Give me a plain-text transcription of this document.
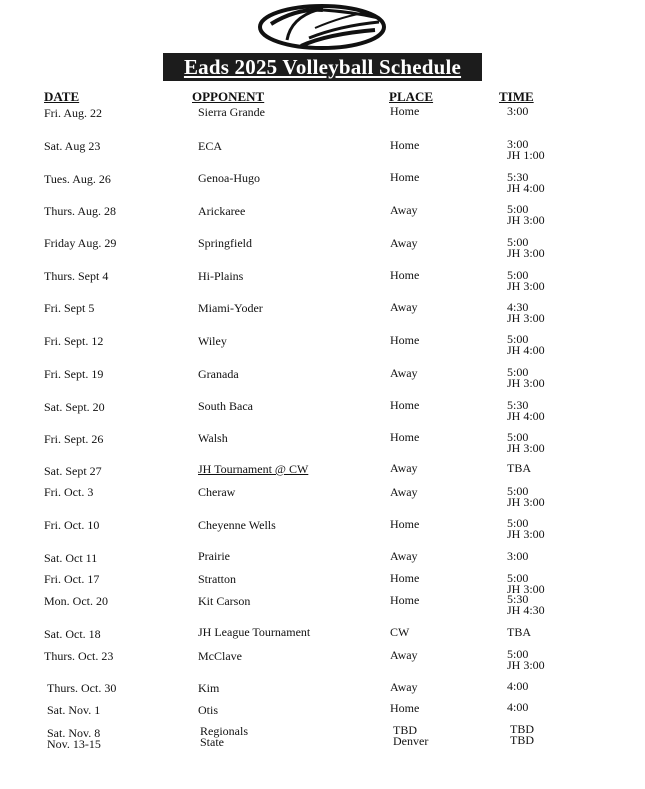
Eads 2025 Volleyball Schedule
DATE	OPPONENT	PLACE	TIME
Fri. Aug. 22	Sierra Grande	Home	3:00
Sat. Aug 23	ECA	Home	3:00
JH 1:00
Tues. Aug. 26	Genoa-Hugo	Home	5:30
JH 4:00
Thurs. Aug. 28	Arickaree	Away	5:00
JH 3:00
Friday Aug. 29	Springfield	Away	5:00
JH 3:00
Thurs. Sept 4	Hi-Plains	Home	5:00
JH 3:00
Fri. Sept 5	Miami-Yoder	Away	4:30
JH 3:00
Fri. Sept. 12	Wiley	Home	5:00
JH 4:00
Fri. Sept. 19	Granada	Away	5:00
JH 3:00
Sat. Sept. 20	South Baca	Home	5:30
JH 4:00
Fri. Sept. 26	Walsh	Home	5:00
JH 3:00
Sat. Sept 27	JH Tournament @ CW	Away	TBA
Fri. Oct. 3	Cheraw	Away	5:00
JH 3:00
Fri. Oct. 10	Cheyenne Wells	Home	5:00
JH 3:00
Sat. Oct 11	Prairie	Away	3:00
Fri. Oct. 17	Stratton	Home	5:00
JH 3:00
Mon. Oct. 20	Kit Carson	Home	5:30
JH 4:30
Sat. Oct. 18	JH League Tournament	CW	TBA
Thurs. Oct. 23	McClave	Away	5:00
JH 3:00
Thurs. Oct. 30	Kim	Away	4:00
Sat. Nov. 1	Otis	Home	4:00
Sat. Nov. 8	Regionals	TBD	TBD
Nov. 13-15	State	Denver	TBD
